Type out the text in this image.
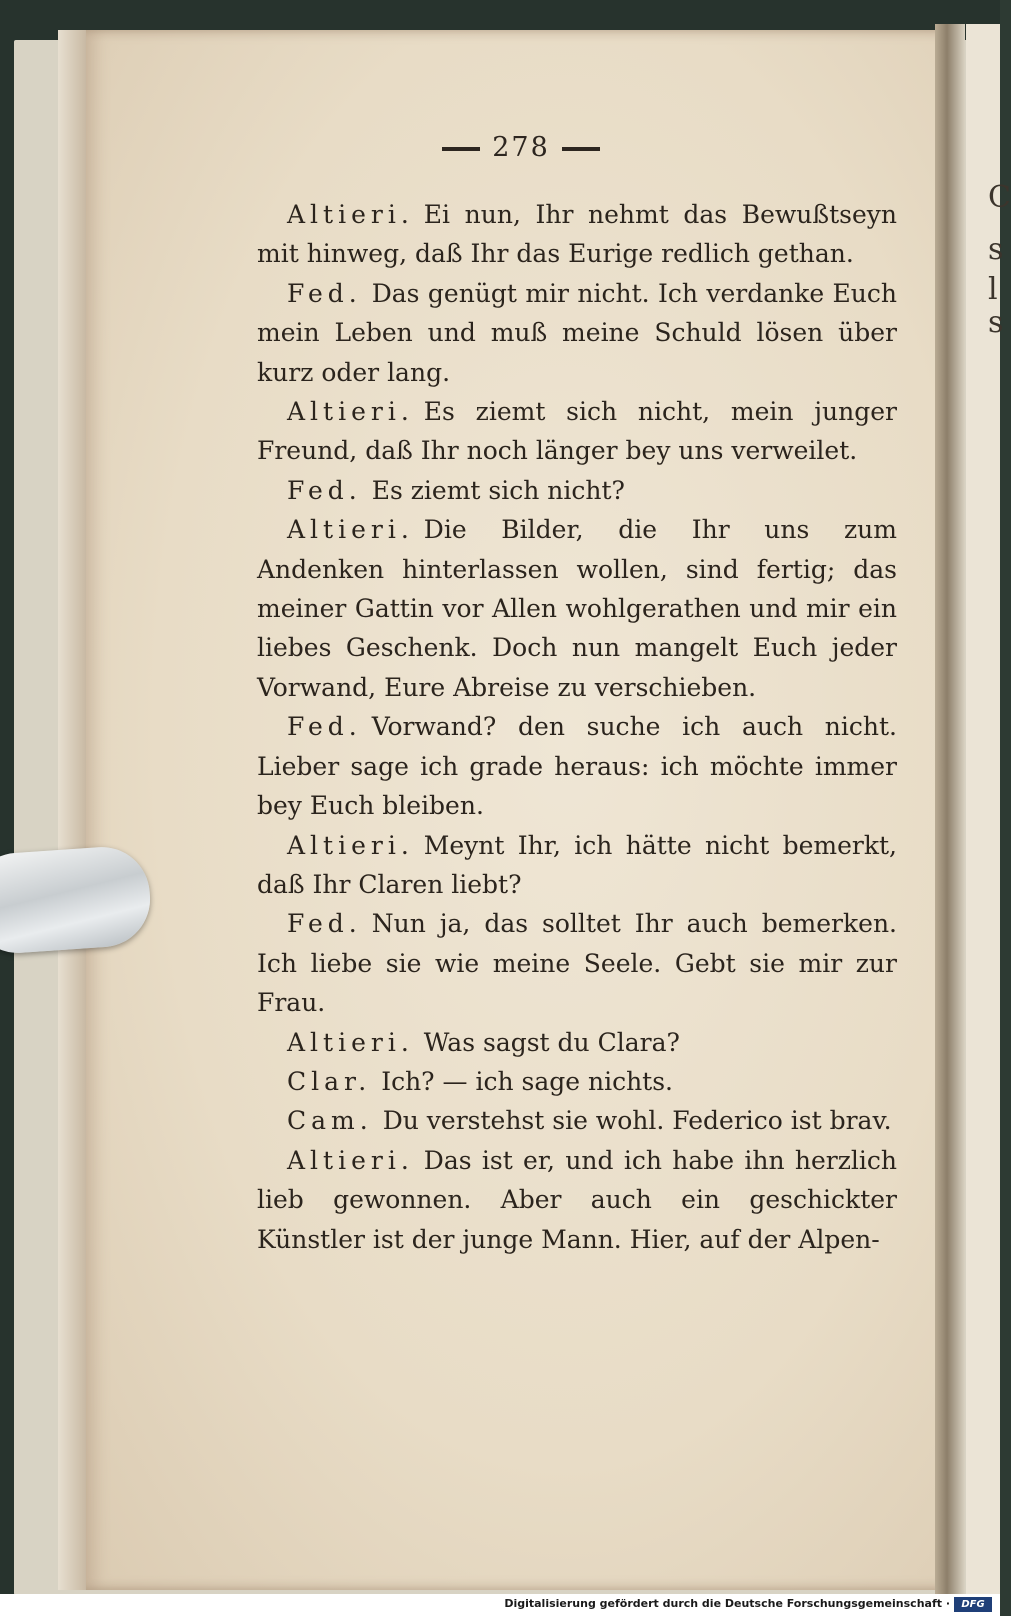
C
s
l
s
278

Altieri. Ei nun, Ihr nehmt das Bewußtseyn mit hinweg, daß Ihr das Eurige redlich gethan.

Fed. Das genügt mir nicht. Ich verdanke Euch mein Leben und muß meine Schuld lösen über kurz oder lang.

Altieri. Es ziemt sich nicht, mein junger Freund, daß Ihr noch länger bey uns verweilet.

Fed. Es ziemt sich nicht?

Altieri. Die Bilder, die Ihr uns zum Andenken hinterlassen wollen, sind fertig; das meiner Gattin vor Allen wohlgerathen und mir ein liebes Geschenk. Doch nun mangelt Euch jeder Vorwand, Eure Abreise zu verschieben.

Fed. Vorwand? den suche ich auch nicht. Lieber sage ich grade heraus: ich möchte immer bey Euch bleiben.

Altieri. Meynt Ihr, ich hätte nicht bemerkt, daß Ihr Claren liebt?

Fed. Nun ja, das solltet Ihr auch bemerken. Ich liebe sie wie meine Seele. Gebt sie mir zur Frau.

Altieri. Was sagst du Clara?

Clar. Ich? — ich sage nichts.

Cam. Du verstehst sie wohl. Federico ist brav.

Altieri. Das ist er, und ich habe ihn herzlich lieb gewonnen. Aber auch ein geschickter Künstler ist der junge Mann. Hier, auf der Alpen-

Digitalisierung gefördert durch die Deutsche Forschungsgemeinschaft ·	DFG
